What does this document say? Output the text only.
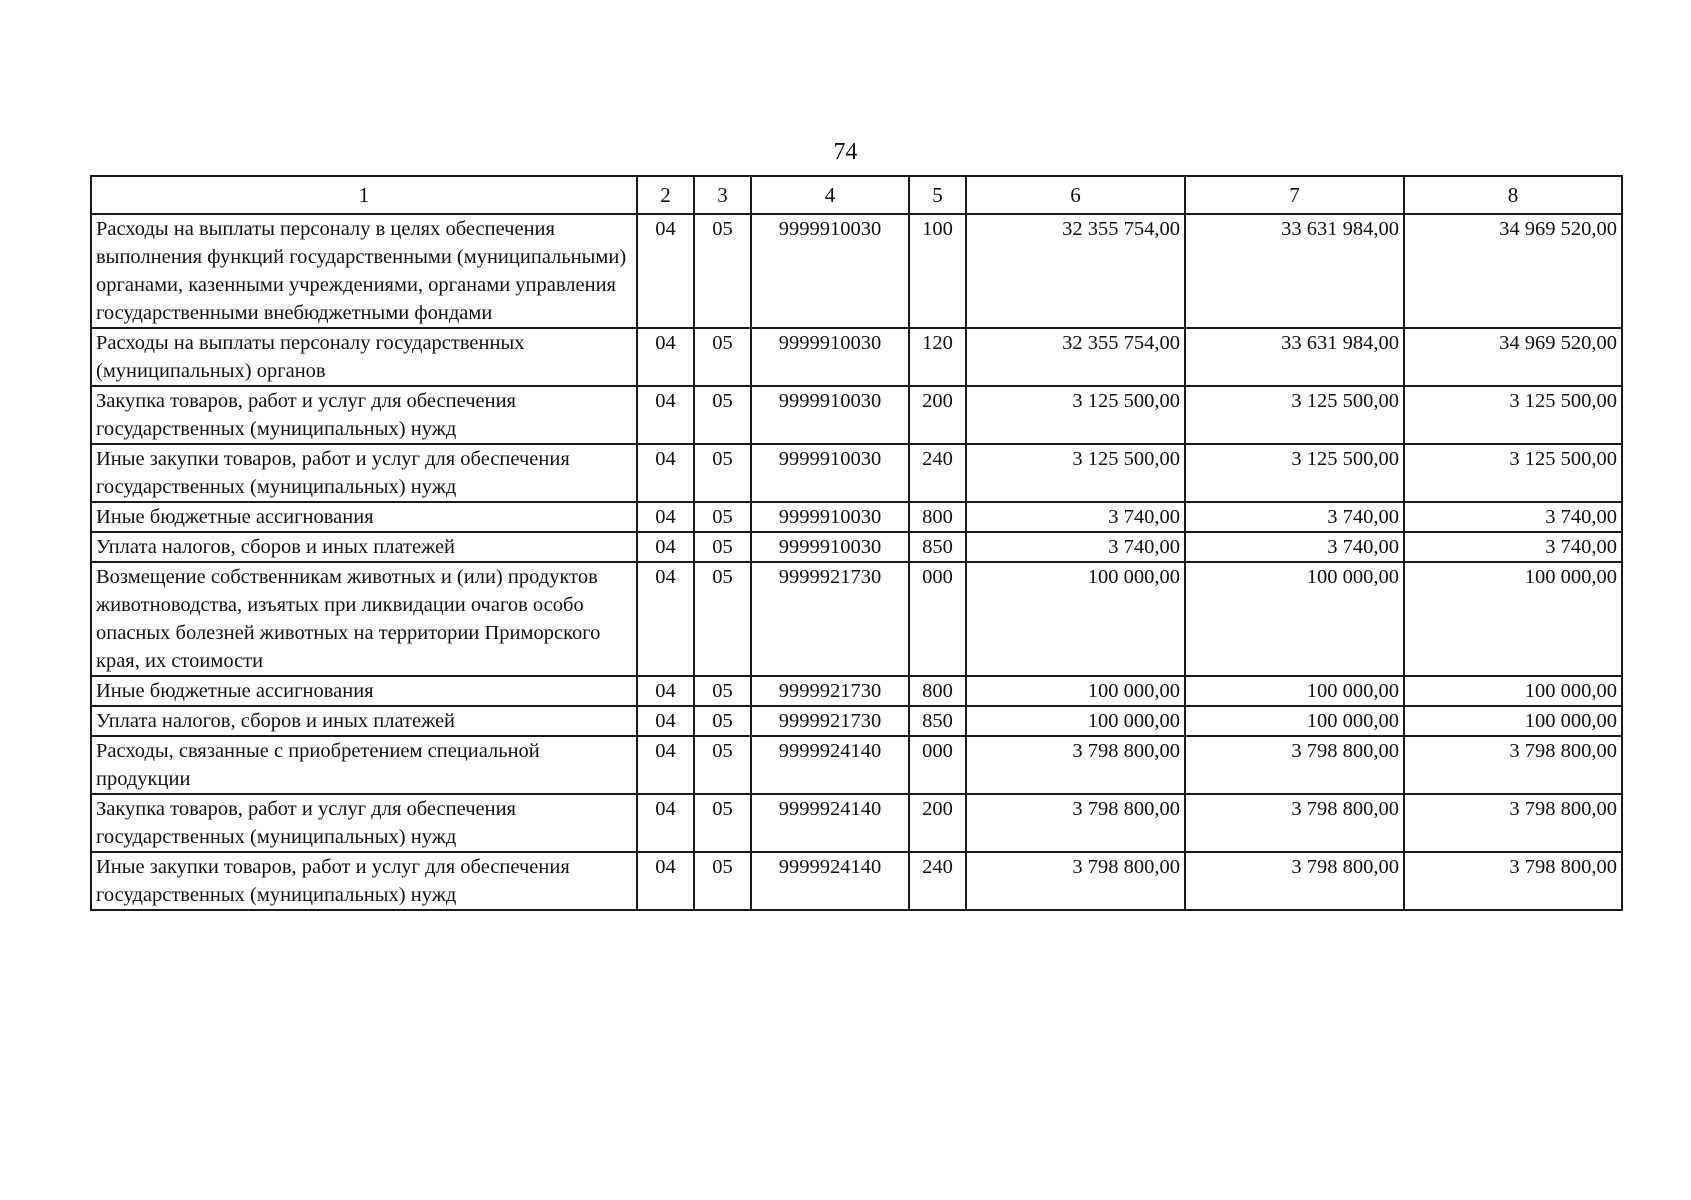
74
1	2	3	4	5	6	7	8
Расходы на выплаты персоналу в целях обеспечения выполнения функций государственными (муниципальными) органами, казенными учреждениями, органами управления государственными внебюджетными фондами	04	05	9999910030	100	32 355 754,00	33 631 984,00	34 969 520,00
Расходы на выплаты персоналу государственных (муниципальных) органов	04	05	9999910030	120	32 355 754,00	33 631 984,00	34 969 520,00
Закупка товаров, работ и услуг для обеспечения государственных (муниципальных) нужд	04	05	9999910030	200	3 125 500,00	3 125 500,00	3 125 500,00
Иные закупки товаров, работ и услуг для обеспечения государственных (муниципальных) нужд	04	05	9999910030	240	3 125 500,00	3 125 500,00	3 125 500,00
Иные бюджетные ассигнования	04	05	9999910030	800	3 740,00	3 740,00	3 740,00
Уплата налогов, сборов и иных платежей	04	05	9999910030	850	3 740,00	3 740,00	3 740,00
Возмещение собственникам животных и (или) продуктов животноводства, изъятых при ликвидации очагов особо опасных болезней животных на территории Приморского края, их стоимости	04	05	9999921730	000	100 000,00	100 000,00	100 000,00
Иные бюджетные ассигнования	04	05	9999921730	800	100 000,00	100 000,00	100 000,00
Уплата налогов, сборов и иных платежей	04	05	9999921730	850	100 000,00	100 000,00	100 000,00
Расходы, связанные с приобретением специальной продукции	04	05	9999924140	000	3 798 800,00	3 798 800,00	3 798 800,00
Закупка товаров, работ и услуг для обеспечения государственных (муниципальных) нужд	04	05	9999924140	200	3 798 800,00	3 798 800,00	3 798 800,00
Иные закупки товаров, работ и услуг для обеспечения государственных (муниципальных) нужд	04	05	9999924140	240	3 798 800,00	3 798 800,00	3 798 800,00
